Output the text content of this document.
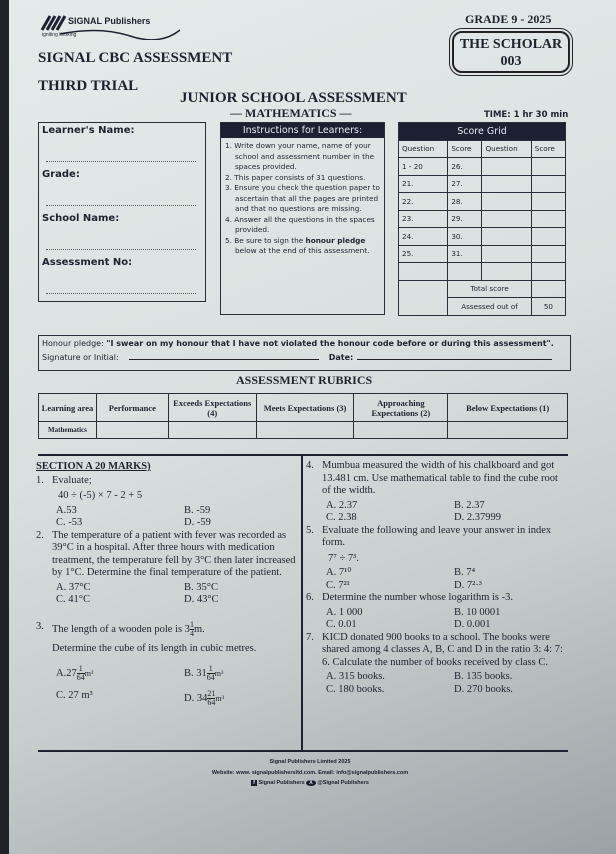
SIGNAL Publishers
igniting thinking
SIGNAL CBC ASSESSMENT
THIRD TRIAL
GRADE 9 - 2025
THE SCHOLAR
003
JUNIOR SCHOOL ASSESSMENT
— MATHEMATICS —	TIME: 1 hr 30 min
Learner's Name:
Grade:
School Name:
Assessment No:
Instructions for Learners:
1. Write down your name, name of your school and assessment number in the spaces provided.
2. This paper consists of 31 questions.
3. Ensure you check the question paper to ascertain that all the pages are printed and that no questions are missing.
4. Answer all the questions in the spaces provided.
5. Be sure to sign the honour pledge below at the end of this assessment.
Score Grid			
Question	Score	Question	Score
1 - 20	26.		
21.	27.		
22.	28.		
23.	29.		
24.	30.		
25.	31.		

	Total score		
	Assessed out of		50
Honour pledge: "I swear on my honour that I have not violated the honour code before or during this assessment".
Signature or Initial:	Date:
ASSESSMENT RUBRICS
Learning area	Performance	Exceeds Expectations (4)	Meets Expectations (3)	Approaching Expectations (2)	Below Expectations (1)
Mathematics					
SECTION A 20 MARKS)
1. Evaluate;
40 ÷ (-5) × 7 - 2 + 5
A.53	B. -59
C. -53	D. -59
2. The temperature of a patient with fever was recorded as 39°C in a hospital. After three hours with medication treatment, the temperature fell by 3°C then later increased by 1°C. Determine the final temperature of the patient.
A. 37°C	B. 35°C
C. 41°C	D. 43°C
3. The length of a wooden pole is $3 \frac{1}{4} m$.
Determine the cube of its length in cubic metres.
$A.27 \frac{1}{64} m^3$	B. $31 \frac{1}{64} m^3$
C. 27 m³	D. $34 \frac{21}{64} m^3$
4. Mumbua measured the width of his chalkboard and got 13.481 cm. Use mathematical table to find the cube root of the width.
A. 2.37	B. 2.37
C. 2.38	D. 2.37999
5. Evaluate the following and leave your answer in index form.
7⁷ ÷ 7³.
A. 7¹⁰	B. 7⁴
C. 7²¹	D. 7²·³
6. Determine the number whose logarithm is -3.
A. 1 000	B. 10 0001
C. 0.01	D. 0.001
7. KICD donated 900 books to a school. The books were shared among 4 classes A, B, C and D in the ratio 3: 4: 7: 6. Calculate the number of books received by class C.
A. 315 books.	B. 135 books.
C. 180 books.	D. 270 books.
Signal Publishers Limited 2025
Website: www. signalpublishersltd.com. Email: info@signalpublishers.com
f Signal Publishers X @Signal Publishers
